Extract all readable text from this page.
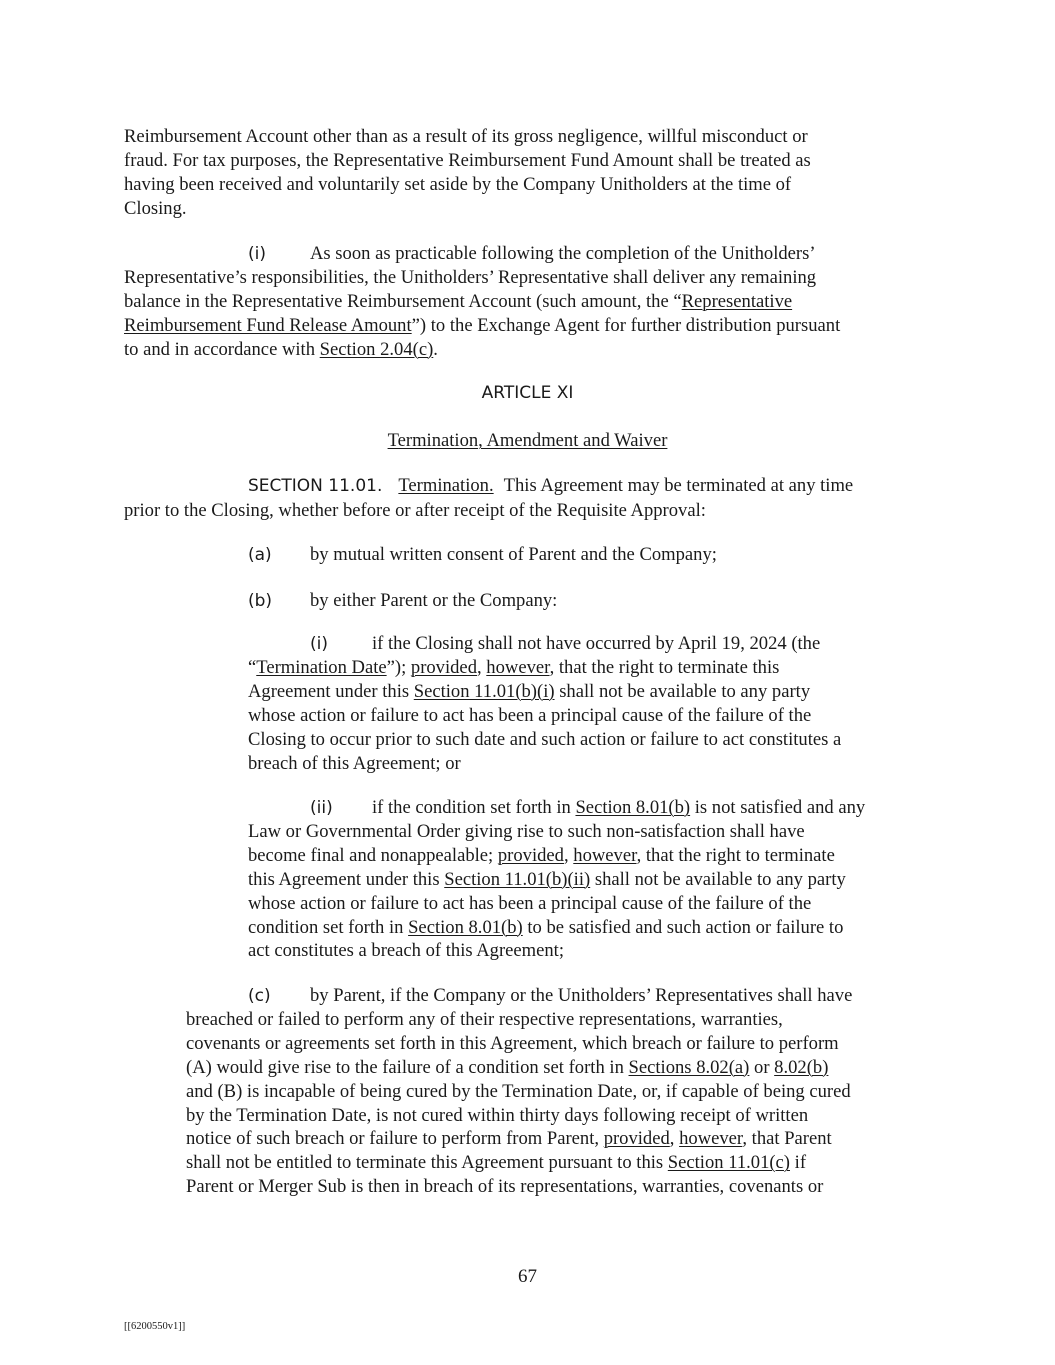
Reimbursement Account other than as a result of its gross negligence, willful misconduct or
fraud. For tax purposes, the Representative Reimbursement Fund Amount shall be treated as
having been received and voluntarily set aside by the Company Unitholders at the time of
Closing.
(i)	As soon as practicable following the completion of the Unitholders’
Representative’s responsibilities, the Unitholders’ Representative shall deliver any remaining
balance in the Representative Reimbursement Account (such amount, the “Representative
Reimbursement Fund Release Amount”) to the Exchange Agent for further distribution pursuant
to and in accordance with Section 2.04(c).
ARTICLE XI
Termination, Amendment and Waiver
SECTION 11.01. Termination. This Agreement may be terminated at any time
prior to the Closing, whether before or after receipt of the Requisite Approval:
(a) by mutual written consent of Parent and the Company;
(b) by either Parent or the Company:
(i)	if the Closing shall not have occurred by April 19, 2024 (the
“Termination Date”); provided, however, that the right to terminate this
Agreement under this Section 11.01(b)(i) shall not be available to any party
whose action or failure to act has been a principal cause of the failure of the
Closing to occur prior to such date and such action or failure to act constitutes a
breach of this Agreement; or
(ii)	if the condition set forth in Section 8.01(b) is not satisfied and any
Law or Governmental Order giving rise to such non-satisfaction shall have
become final and nonappealable; provided, however, that the right to terminate
this Agreement under this Section 11.01(b)(ii) shall not be available to any party
whose action or failure to act has been a principal cause of the failure of the
condition set forth in Section 8.01(b) to be satisfied and such action or failure to
act constitutes a breach of this Agreement;
(c)	by Parent, if the Company or the Unitholders’ Representatives shall have
breached or failed to perform any of their respective representations, warranties,
covenants or agreements set forth in this Agreement, which breach or failure to perform
(A) would give rise to the failure of a condition set forth in Sections 8.02(a) or 8.02(b)
and (B) is incapable of being cured by the Termination Date, or, if capable of being cured
by the Termination Date, is not cured within thirty days following receipt of written
notice of such breach or failure to perform from Parent, provided, however, that Parent
shall not be entitled to terminate this Agreement pursuant to this Section 11.01(c) if
Parent or Merger Sub is then in breach of its representations, warranties, covenants or
67
[[6200550v1]]
